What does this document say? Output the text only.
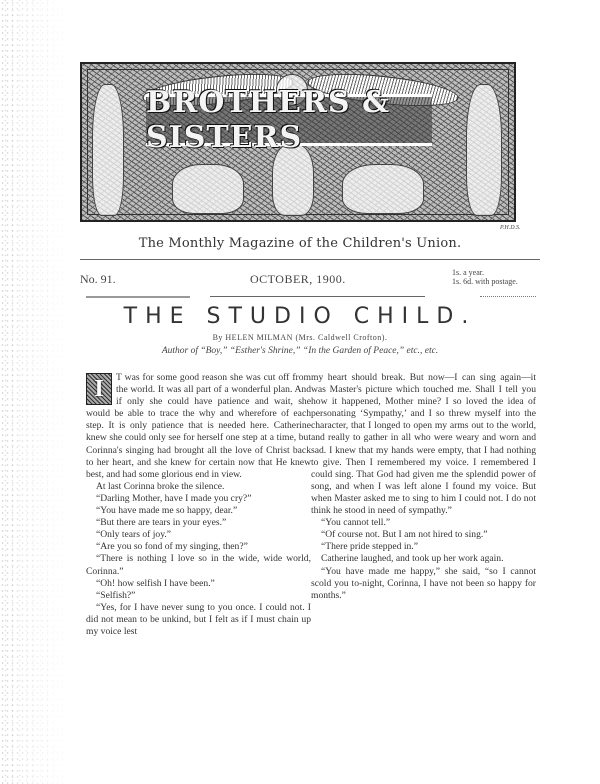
BROTHERS & SISTERS
P.H.D.S.
The Monthly Magazine of the Children's Union.
No. 91.	OCTOBER, 1900.	1s. a year.
1s. 6d. with postage.
THE STUDIO CHILD.
By HELEN MILMAN (Mrs. Caldwell Crofton).
Author of “Boy,” “Esther's Shrine,” “In the Garden of Peace,” etc., etc.

I	T was for some good reason she was cut off from the world. It was all part of a wonderful plan. And if only she could have patience and wait, she would be able to trace the why and wherefore of each step. It is only patience that is needed here. Catherine knew she could only see for herself one step at a time, but Corinna's singing had brought all the love of Christ back to her heart, and she knew for certain now that He knew best, and had some glorious end in view.

At last Corinna broke the silence.

“Darling Mother, have I made you cry?”

“You have made me so happy, dear.”

“But there are tears in your eyes.”

“Only tears of joy.”

“Are you so fond of my singing, then?”

“There is nothing I love so in the wide, wide world, Corinna.”

“Oh! how selfish I have been.”

“Selfish?”

“Yes, for I have never sung to you once. I could not. I did not mean to be unkind, but I felt as if I must chain up my voice lest

my heart should break. But now—I can sing again—it was Master's picture which touched me. Shall I tell you how it happened, Mother mine? I so loved the idea of personating ‘Sympathy,’ and I so threw myself into the character, that I longed to open my arms out to the world, and really to gather in all who were weary and worn and sad. I knew that my hands were empty, that I had nothing to give. Then I remembered my voice. I remembered I could sing. That God had given me the splendid power of song, and when I was left alone I found my voice. But when Master asked me to sing to him I could not. I do not think he stood in need of sympathy.”

“You cannot tell.”

“Of course not. But I am not hired to sing.”

“There pride stepped in.”

Catherine laughed, and took up her work again.

“You have made me happy,” she said, “so I cannot scold you to-night, Corinna, I have not been so happy for months.”
